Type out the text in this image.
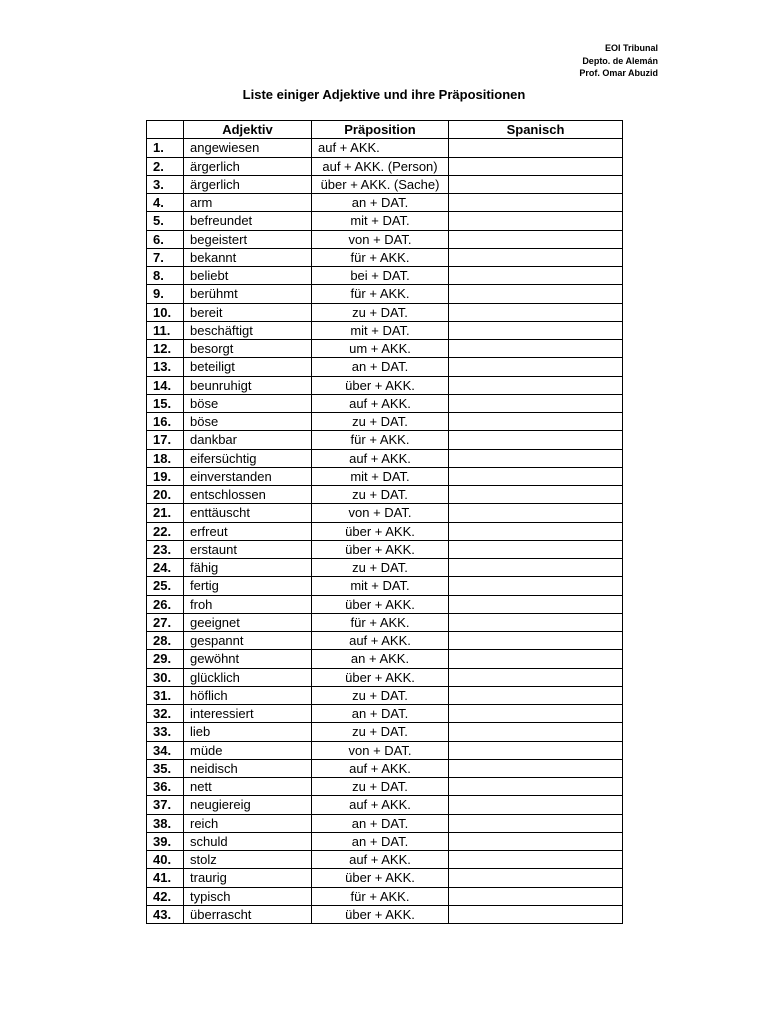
EOI Tribunal
Depto. de Alemán
Prof. Omar Abuzid
Liste einiger Adjektive und ihre Präpositionen
	Adjektiv	Präposition	Spanisch
1.	angewiesen	auf + AKK.	
2.	ärgerlich	auf + AKK. (Person)	
3.	ärgerlich	über + AKK. (Sache)	
4.	arm	an + DAT.	
5.	befreundet	mit + DAT.	
6.	begeistert	von + DAT.	
7.	bekannt	für + AKK.	
8.	beliebt	bei + DAT.	
9.	berühmt	für + AKK.	
10.	bereit	zu + DAT.	
11.	beschäftigt	mit + DAT.	
12.	besorgt	um + AKK.	
13.	beteiligt	an + DAT.	
14.	beunruhigt	über + AKK.	
15.	böse	auf + AKK.	
16.	böse	zu + DAT.	
17.	dankbar	für + AKK.	
18.	eifersüchtig	auf + AKK.	
19.	einverstanden	mit + DAT.	
20.	entschlossen	zu + DAT.	
21.	enttäuscht	von + DAT.	
22.	erfreut	über + AKK.	
23.	erstaunt	über + AKK.	
24.	fähig	zu + DAT.	
25.	fertig	mit + DAT.	
26.	froh	über + AKK.	
27.	geeignet	für + AKK.	
28.	gespannt	auf + AKK.	
29.	gewöhnt	an + AKK.	
30.	glücklich	über + AKK.	
31.	höflich	zu + DAT.	
32.	interessiert	an + DAT.	
33.	lieb	zu + DAT.	
34.	müde	von + DAT.	
35.	neidisch	auf + AKK.	
36.	nett	zu + DAT.	
37.	neugiereig	auf + AKK.	
38.	reich	an + DAT.	
39.	schuld	an + DAT.	
40.	stolz	auf + AKK.	
41.	traurig	über + AKK.	
42.	typisch	für + AKK.	
43.	überrascht	über + AKK.	
